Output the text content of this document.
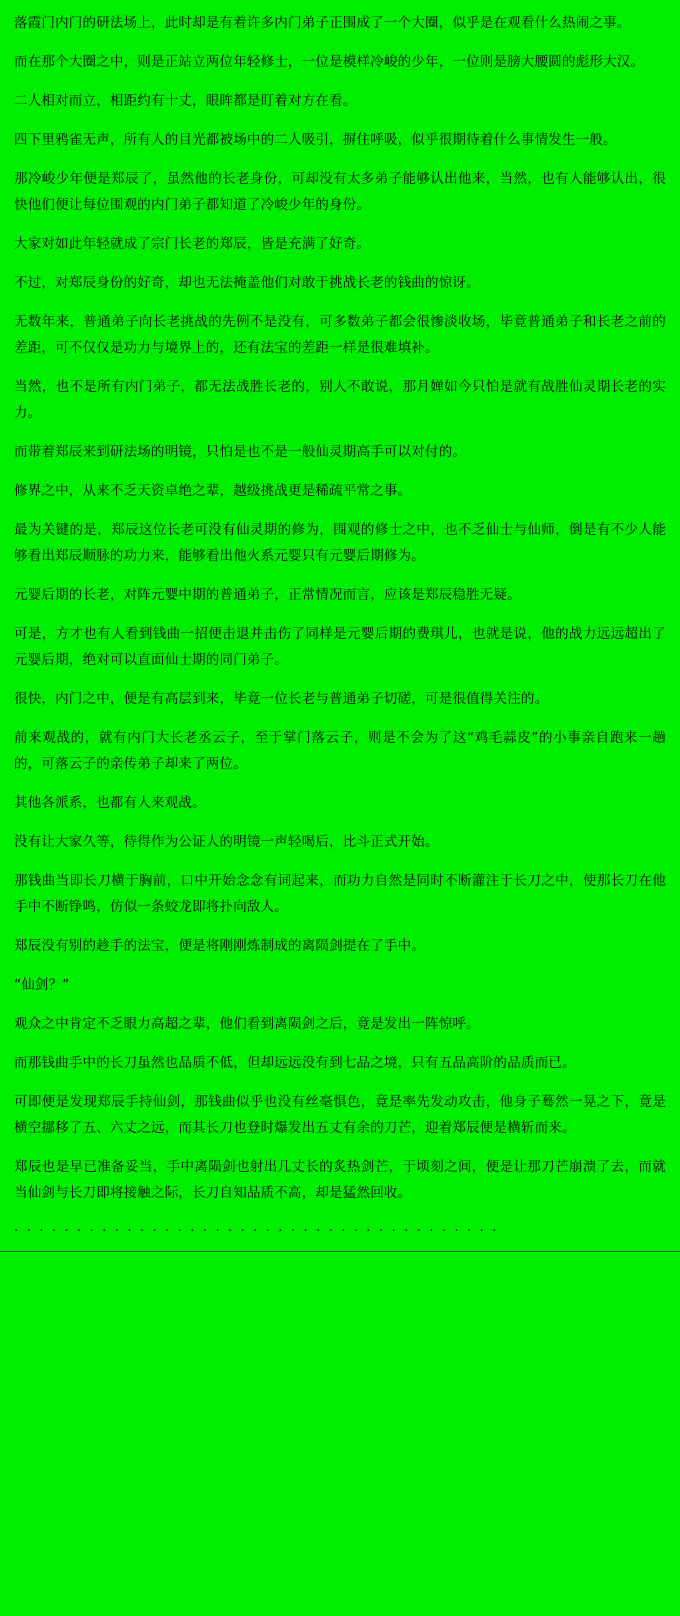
落霞门内门的研法场上，此时却是有着许多内门弟子正围成了一个大圈，似乎是在观看什么热闹之事。

而在那个大圈之中，则是正站立两位年轻修士，一位是模样冷峻的少年，一位则是膀大腰圆的彪形大汉。

二人相对而立，相距约有十丈，眼眸都是盯着对方在看。

四下里鸦雀无声，所有人的目光都被场中的二人吸引，摒住呼吸，似乎很期待着什么事情发生一般。

那冷峻少年便是郑辰了，虽然他的长老身份，可却没有太多弟子能够认出他来，当然，也有人能够认出，很快他们便让每位围观的内门弟子都知道了冷峻少年的身份。

大家对如此年轻就成了宗门长老的郑辰，皆是充满了好奇。

不过，对郑辰身份的好奇，却也无法掩盖他们对敢于挑战长老的钱曲的惊讶。

无数年来，普通弟子向长老挑战的先例不是没有，可多数弟子都会很惨淡收场，毕竟普通弟子和长老之前的差距，可不仅仅是功力与境界上的，还有法宝的差距一样是很难填补。

当然，也不是所有内门弟子，都无法战胜长老的，别人不敢说，那月婵如今只怕是就有战胜仙灵期长老的实力。

而带着郑辰来到研法场的明镜，只怕是也不是一般仙灵期高手可以对付的。

修界之中，从来不乏天资卓绝之辈，越级挑战更是稀疏平常之事。

最为关键的是，郑辰这位长老可没有仙灵期的修为，围观的修士之中，也不乏仙士与仙师，倒是有不少人能够看出郑辰顺脉的功力来，能够看出他火系元婴只有元婴后期修为。

元婴后期的长老，对阵元婴中期的普通弟子，正常情况而言，应该是郑辰稳胜无疑。

可是，方才也有人看到钱曲一招便击退并击伤了同样是元婴后期的费琪儿，也就是说，他的战力远远超出了元婴后期，绝对可以直面仙士期的同门弟子。

很快，内门之中，便是有高层到来，毕竟一位长老与普通弟子切磋，可是很值得关注的。

前来观战的，就有内门大长老丞云子，至于掌门落云子，则是不会为了这“鸡毛蒜皮”的小事亲自跑来一趟的，可落云子的亲传弟子却来了两位。

其他各派系，也都有人来观战。

没有让大家久等，待得作为公证人的明镜一声轻喝后，比斗正式开始。

那钱曲当即长刀横于胸前，口中开始念念有词起来，而功力自然是同时不断灌注于长刀之中，使那长刀在他手中不断铮鸣，仿似一条蛟龙即将扑向敌人。

郑辰没有别的趁手的法宝，便是将刚刚炼制成的离陨剑提在了手中。

“仙剑？”

观众之中肯定不乏眼力高超之辈，他们看到离陨剑之后，竟是发出一阵惊呼。

而那钱曲手中的长刀虽然也品质不低，但却远远没有到七品之境，只有五品高阶的品质而已。

可即便是发现郑辰手持仙剑，那钱曲似乎也没有丝毫惧色，竟是率先发动攻击，他身子蓦然一晃之下，竟是横空挪移了五、六丈之远，而其长刀也登时爆发出五丈有余的刀芒，迎着郑辰便是横斩而来。

郑辰也是早已准备妥当，手中离陨剑也射出几丈长的炙热剑芒，于顷刻之间，便是让那刀芒崩溃了去，而就当仙剑与长刀即将接触之际，长刀自知品质不高，却是猛然回收。

· · · · · · · · · · · · · · · · · · · · · · · · · · · · · · · · · · · · · · ·
